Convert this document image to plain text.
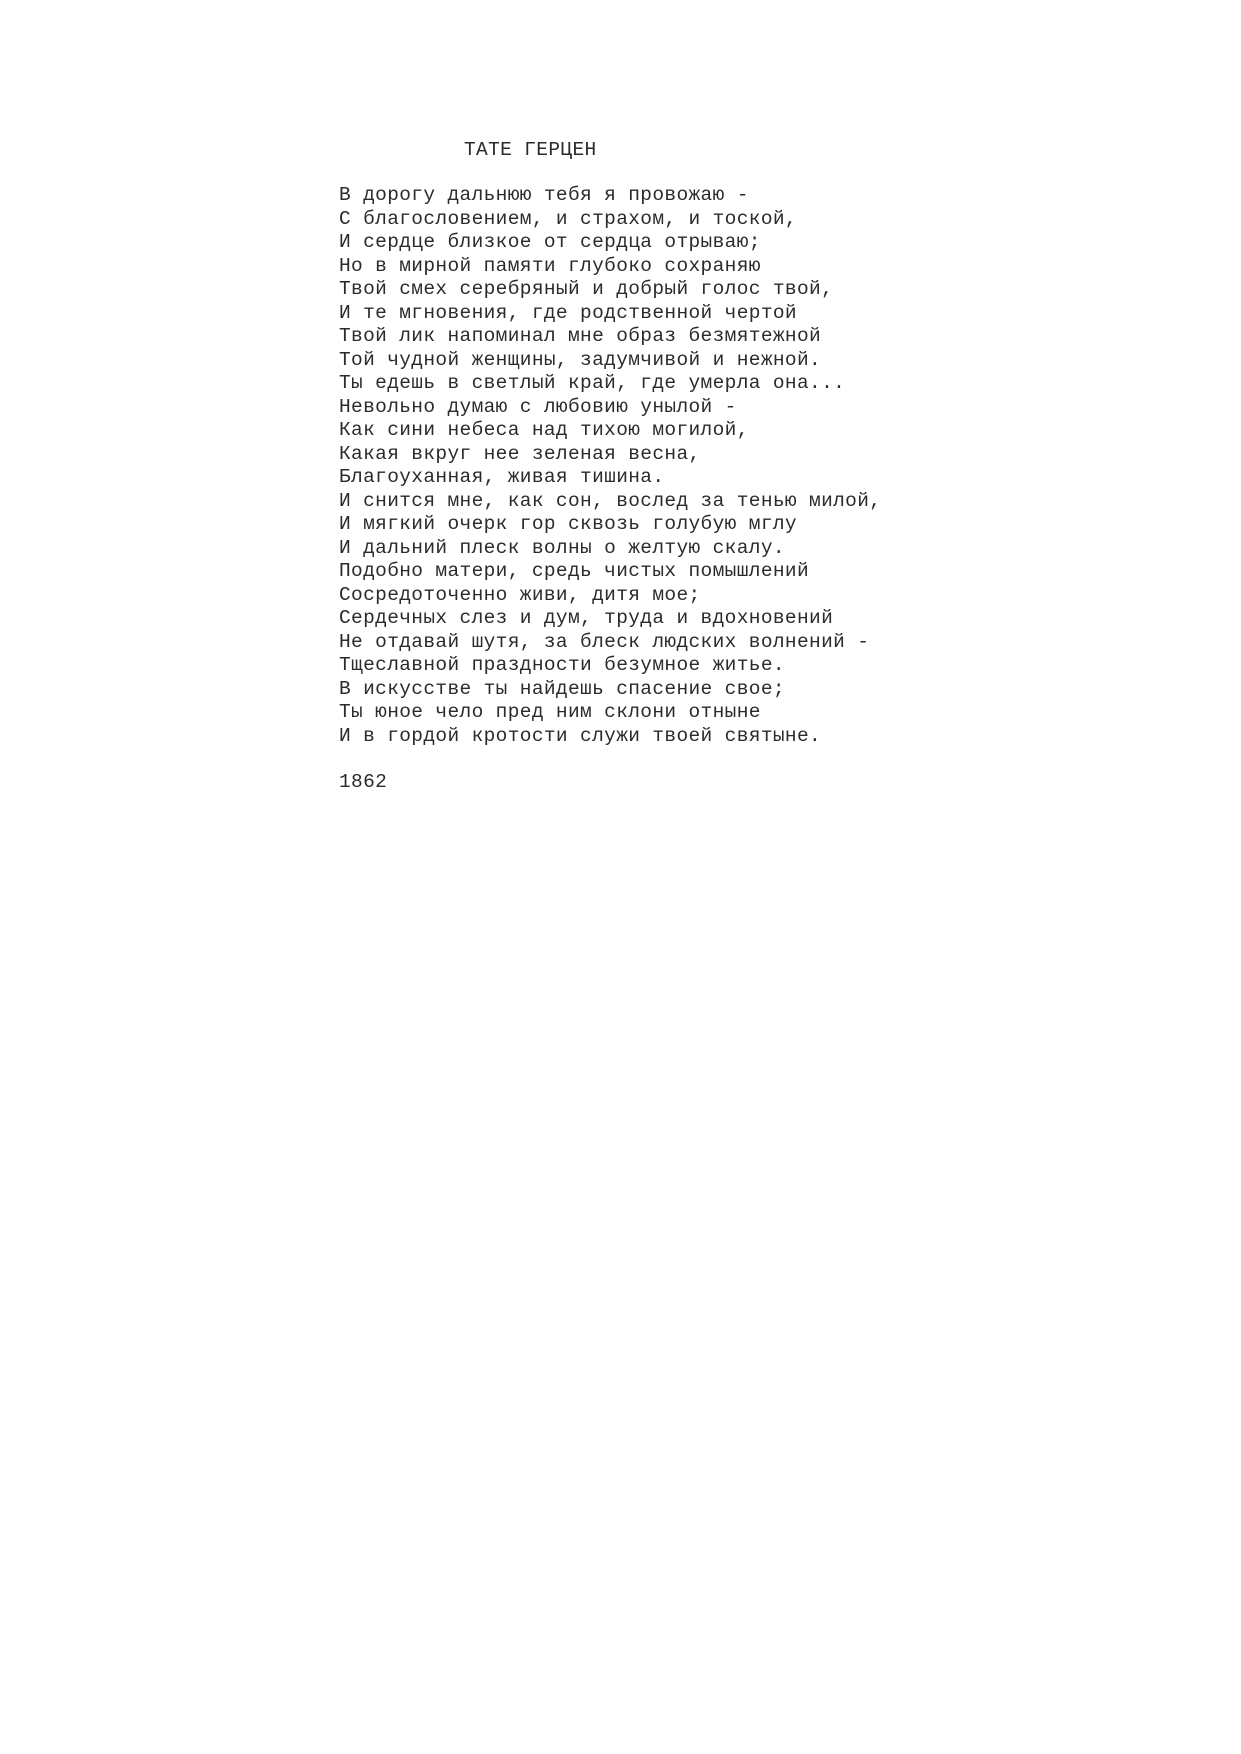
ТАТЕ ГЕРЦЕН
В дорогу дальнюю тебя я провожаю -
С благословением, и страхом, и тоской,
И сердце близкое от сердца отрываю;
Но в мирной памяти глубоко сохраняю
Твой смех серебряный и добрый голос твой,
И те мгновения, где родственной чертой
Твой лик напоминал мне образ безмятежной
Той чудной женщины, задумчивой и нежной.
Ты едешь в светлый край, где умерла она...
Невольно думаю с любовию унылой -
Как сини небеса над тихою могилой,
Какая вкруг нее зеленая весна,
Благоуханная, живая тишина.
И снится мне, как сон, вослед за тенью милой,
И мягкий очерк гор сквозь голубую мглу
И дальний плеск волны о желтую скалу.
Подобно матери, средь чистых помышлений
Сосредоточенно живи, дитя мое;
Сердечных слез и дум, труда и вдохновений
Не отдавай шутя, за блеск людских волнений -
Тщеславной праздности безумное житье.
В искусстве ты найдешь спасение свое;
Ты юное чело пред ним склони отныне
И в гордой кротости служи твоей святыне.
1862
